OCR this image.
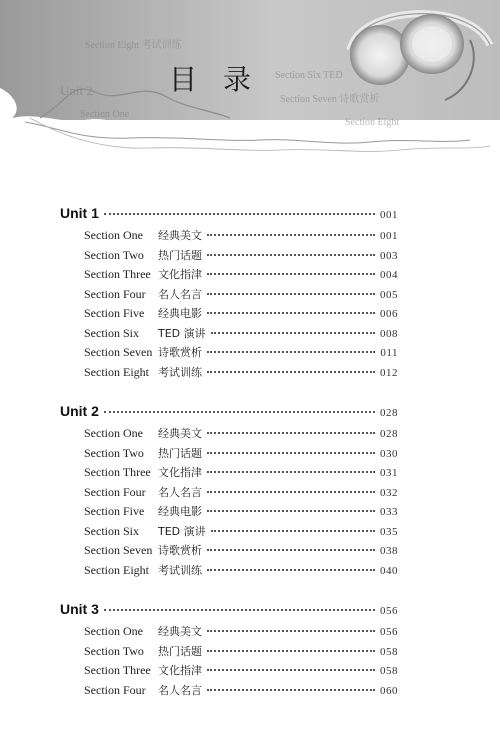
Section Eight 考试训练
Section Six TED
Unit 2
Section Seven 诗歌赏析
Section One
Section Eight
目录
Unit 1	001
Section One	经典美文	001
Section Two	热门话题	003
Section Three 文化指津	004
Section Four	名人名言	005
Section Five	经典电影	006
Section Six	TED 演讲	008
Section Seven 诗歌赏析	011
Section Eight 考试训练	012
Unit 2	028
Section One	经典美文	028
Section Two	热门话题	030
Section Three 文化指津	031
Section Four	名人名言	032
Section Five	经典电影	033
Section Six	TED 演讲	035
Section Seven 诗歌赏析	038
Section Eight 考试训练	040
Unit 3	056
Section One	经典美文	056
Section Two	热门话题	058
Section Three 文化指津	058
Section Four	名人名言	060
